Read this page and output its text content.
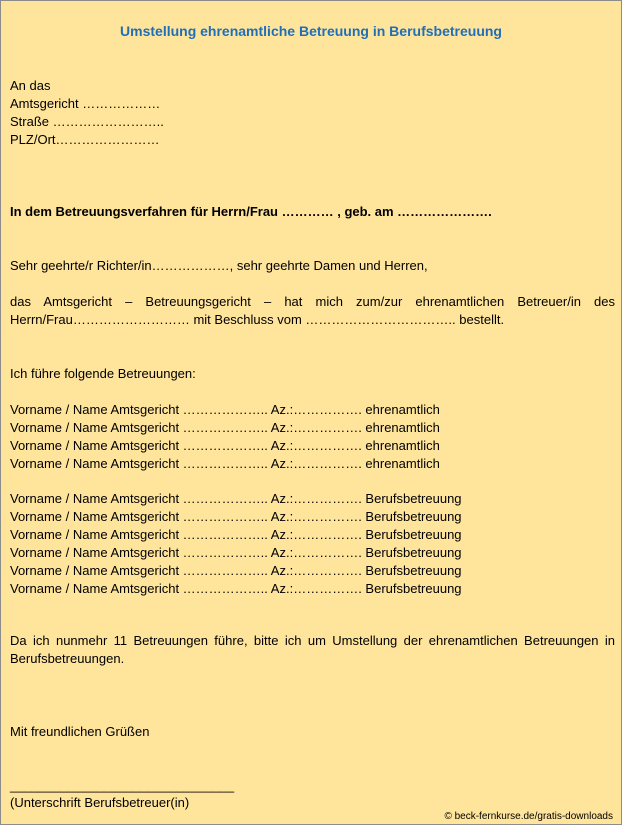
Umstellung ehrenamtliche Betreuung in Berufsbetreuung
An das
Amtsgericht ………………
Straße ……………………..
PLZ/Ort……………………
In dem Betreuungsverfahren für Herrn/Frau ………… , geb. am ………………….
Sehr geehrte/r Richter/in………………, sehr geehrte Damen und Herren,
das Amtsgericht – Betreuungsgericht – hat mich zum/zur ehrenamtlichen Betreuer/in des Herrn/Frau……………………… mit Beschluss vom …………………………….. bestellt.
Ich führe folgende Betreuungen:
Vorname / Name Amtsgericht ……………….. Az.:……………. ehrenamtlich
Vorname / Name Amtsgericht ……………….. Az.:……………. ehrenamtlich
Vorname / Name Amtsgericht ……………….. Az.:……………. ehrenamtlich
Vorname / Name Amtsgericht ……………….. Az.:……………. ehrenamtlich
Vorname / Name Amtsgericht ……………….. Az.:……………. Berufsbetreuung
Vorname / Name Amtsgericht ……………….. Az.:……………. Berufsbetreuung
Vorname / Name Amtsgericht ……………….. Az.:……………. Berufsbetreuung
Vorname / Name Amtsgericht ……………….. Az.:……………. Berufsbetreuung
Vorname / Name Amtsgericht ……………….. Az.:……………. Berufsbetreuung
Vorname / Name Amtsgericht ……………….. Az.:……………. Berufsbetreuung
Da ich nunmehr 11 Betreuungen führe, bitte ich um Umstellung der ehrenamtlichen Betreuungen in Berufsbetreuungen.
Mit freundlichen Grüßen
_______________________________
(Unterschrift Berufsbetreuer(in)
© beck-fernkurse.de/gratis-downloads
